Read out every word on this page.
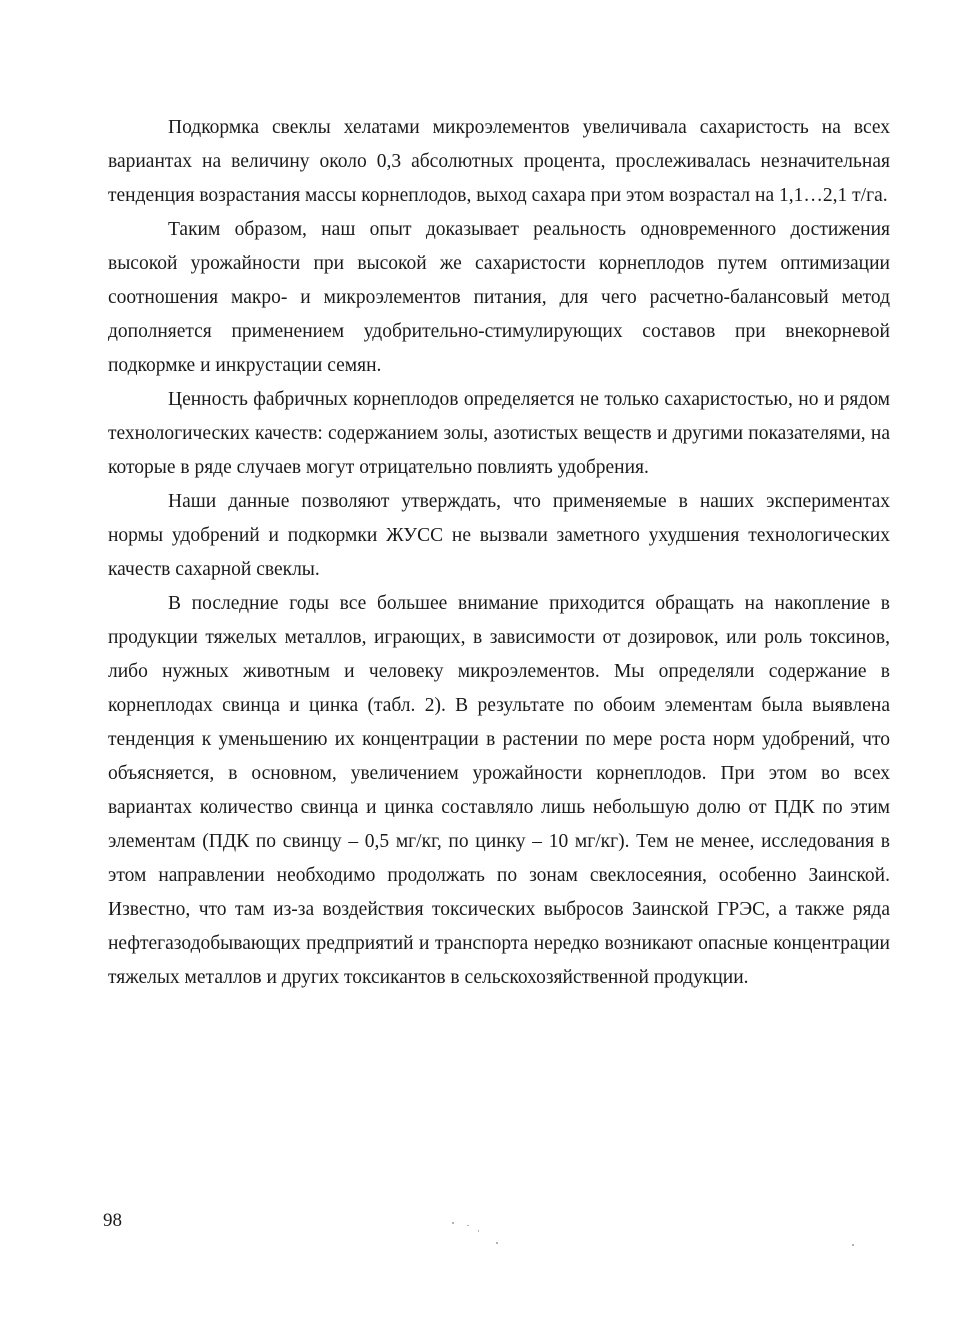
Подкормка свеклы хелатами микроэлементов увеличивала сахаристость на всех вариантах на величину около 0,3 абсолютных процента, прослеживалась незначительная тенденция возрастания массы корнеплодов, выход сахара при этом возрастал на 1,1…2,1 т/га.

Таким образом, наш опыт доказывает реальность одновременного достижения высокой урожайности при высокой же сахаристости корнеплодов путем оптимизации соотношения макро- и микроэлементов питания, для чего расчетно-балансовый метод дополняется применением удобрительно-стимулирующих составов при внекорневой подкормке и инкрустации семян.

Ценность фабричных корнеплодов определяется не только сахаристостью, но и рядом технологических качеств: содержанием золы, азотистых веществ и другими показателями, на которые в ряде случаев могут отрицательно повлиять удобрения.

Наши данные позволяют утверждать, что применяемые в наших экспериментах нормы удобрений и подкормки ЖУСС не вызвали заметного ухудшения технологических качеств сахарной свеклы.

В последние годы все большее внимание приходится обращать на накопление в продукции тяжелых металлов, играющих, в зависимости от дозировок, или роль токсинов, либо нужных животным и человеку микроэлементов. Мы определяли содержание в корнеплодах свинца и цинка (табл. 2). В результате по обоим элементам была выявлена тенденция к уменьшению их концентрации в растении по мере роста норм удобрений, что объясняется, в основном, увеличением урожайности корнеплодов. При этом во всех вариантах количество свинца и цинка составляло лишь небольшую долю от ПДК по этим элементам (ПДК по свинцу – 0,5 мг/кг, по цинку – 10 мг/кг). Тем не менее, исследования в этом направлении необходимо продолжать по зонам свеклосеяния, особенно Заинской. Известно, что там из-за воздействия токсических выбросов Заинской ГРЭС, а также ряда нефтегазодобывающих предприятий и транспорта нередко возникают опасные концентрации тяжелых металлов и других токсикантов в сельскохозяйственной продукции.

98
